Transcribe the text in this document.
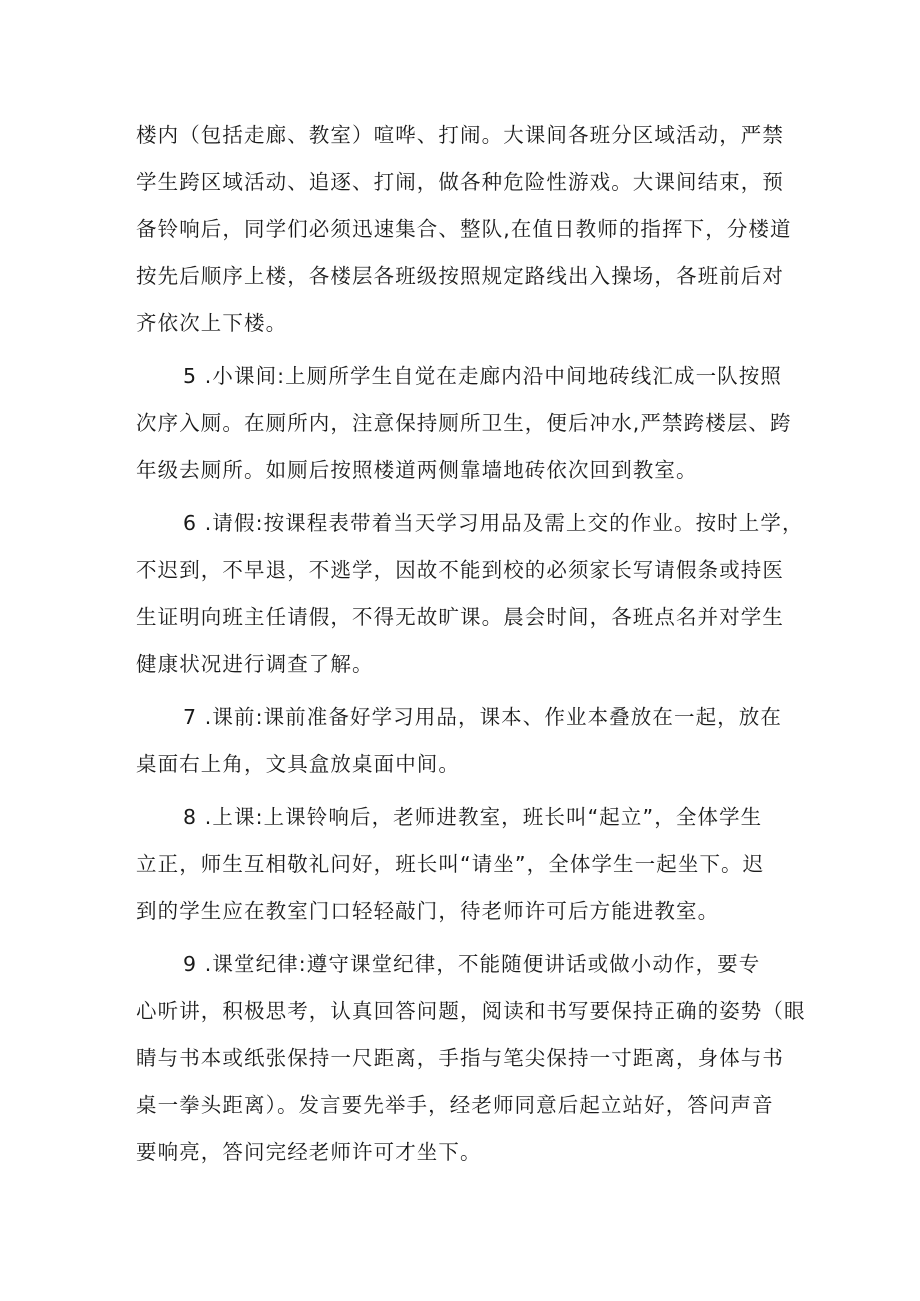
楼内（包括走廊、教室）喧哗、打闹。大课间各班分区域活动，严禁
学生跨区域活动、追逐、打闹，做各种危险性游戏。大课间结束，预
备铃响后，同学们必须迅速集合、整队,在值日教师的指挥下，分楼道
按先后顺序上楼，各楼层各班级按照规定路线出入操场，各班前后对
齐依次上下楼。
5 .小课间:上厕所学生自觉在走廊内沿中间地砖线汇成一队按照
次序入厕。在厕所内，注意保持厕所卫生，便后冲水,严禁跨楼层、跨
年级去厕所。如厕后按照楼道两侧靠墙地砖依次回到教室。
6 .请假:按课程表带着当天学习用品及需上交的作业。按时上学，
不迟到，不早退，不逃学，因故不能到校的必须家长写请假条或持医
生证明向班主任请假，不得无故旷课。晨会时间，各班点名并对学生
健康状况进行调查了解。
7 .课前:课前准备好学习用品，课本、作业本叠放在一起，放在
桌面右上角，文具盒放桌面中间。
8 .上课:上课铃响后，老师进教室，班长叫“起立”，全体学生
立正，师生互相敬礼问好，班长叫“请坐”，全体学生一起坐下。迟
到的学生应在教室门口轻轻敲门，待老师许可后方能进教室。
9 .课堂纪律:遵守课堂纪律，不能随便讲话或做小动作，要专
心听讲，积极思考，认真回答问题，阅读和书写要保持正确的姿势（眼
睛与书本或纸张保持一尺距离，手指与笔尖保持一寸距离，身体与书
桌一拳头距离）。发言要先举手，经老师同意后起立站好，答问声音
要响亮，答问完经老师许可才坐下。
